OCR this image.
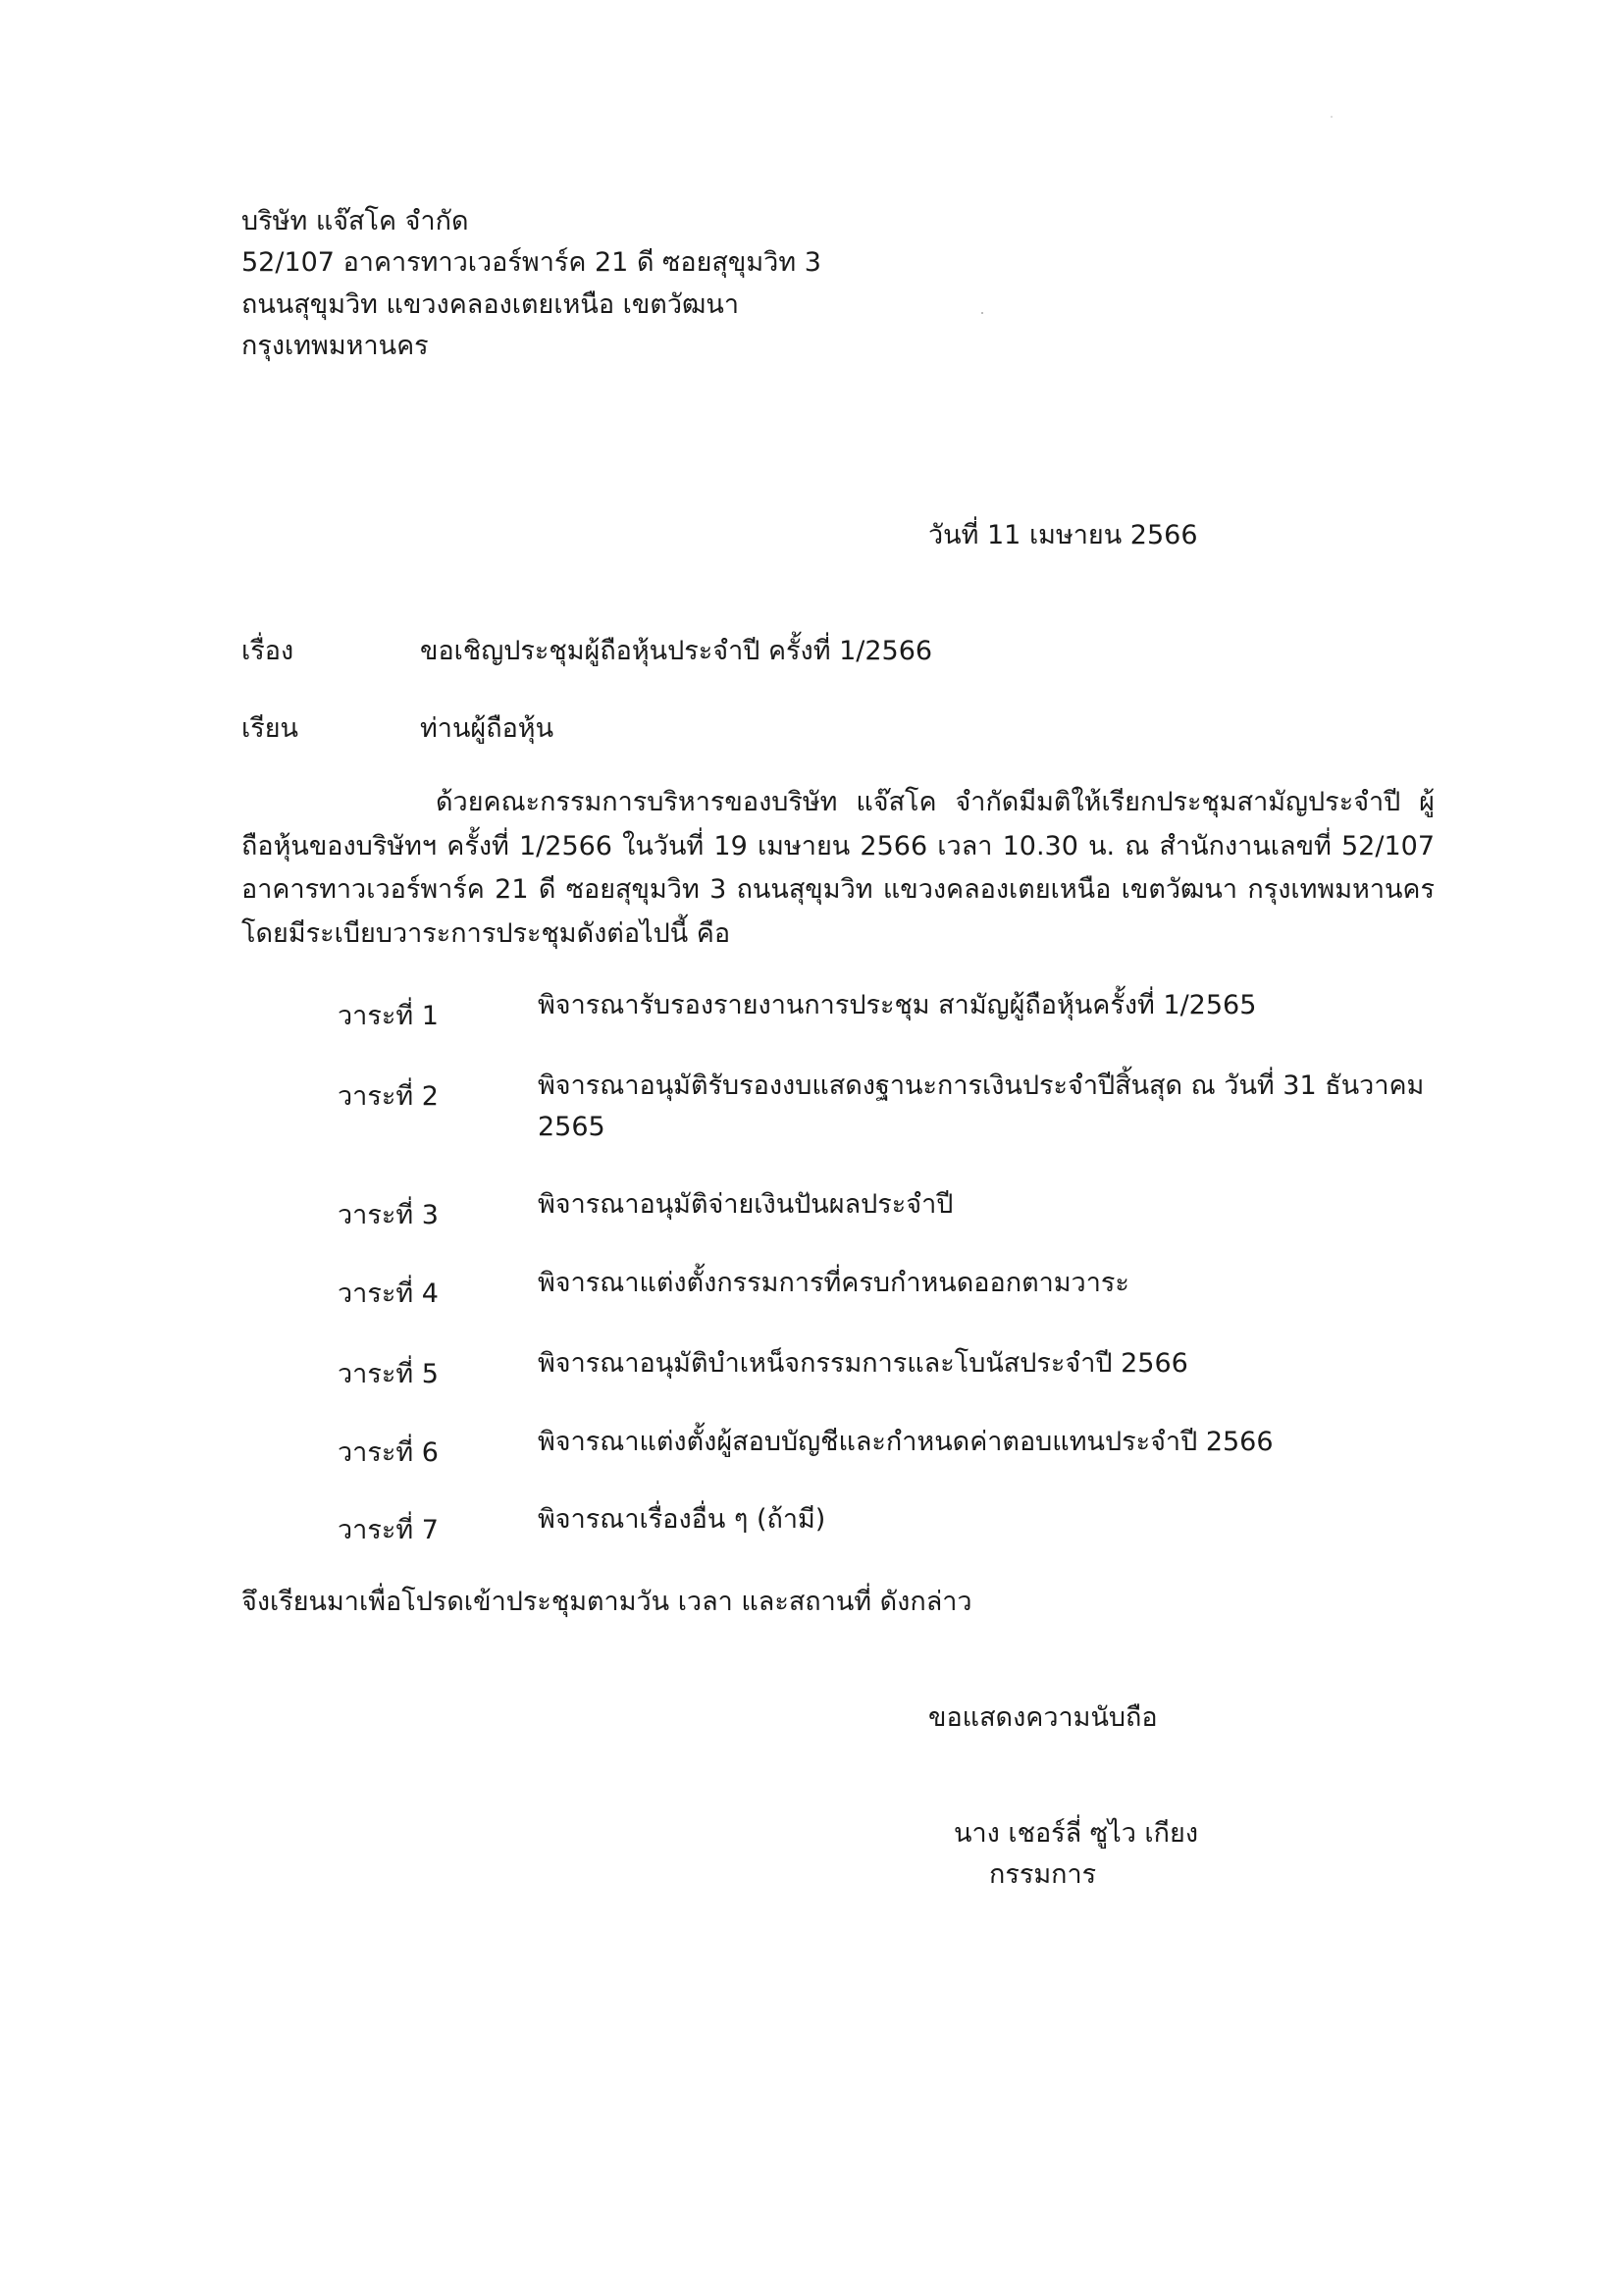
บริษัท แจ๊สโค จำกัด
52/107 อาคารทาวเวอร์พาร์ค 21 ดี ซอยสุขุมวิท 3
ถนนสุขุมวิท แขวงคลองเตยเหนือ เขตวัฒนา
กรุงเทพมหานคร
วันที่ 11 เมษายน 2566
เรื่อง	ขอเชิญประชุมผู้ถือหุ้นประจำปี ครั้งที่ 1/2566
เรียน	ท่านผู้ถือหุ้น
ด้วยคณะกรรมการบริหารของบริษัท แจ๊สโค จำกัดมีมติให้เรียกประชุมสามัญประจำปี ผู้ถือหุ้นของบริษัทฯ ครั้งที่ 1/2566 ในวันที่ 19 เมษายน 2566 เวลา 10.30 น. ณ สำนักงานเลขที่ 52/107 อาคารทาวเวอร์พาร์ค 21 ดี ซอยสุขุมวิท 3 ถนนสุขุมวิท แขวงคลองเตยเหนือ เขตวัฒนา กรุงเทพมหานคร โดยมีระเบียบวาระการประชุมดังต่อไปนี้ คือ
วาระที่ 1	พิจารณารับรองรายงานการประชุม สามัญผู้ถือหุ้นครั้งที่ 1/2565
วาระที่ 2	พิจารณาอนุมัติรับรองงบแสดงฐานะการเงินประจำปีสิ้นสุด ณ วันที่ 31 ธันวาคม 2565
วาระที่ 3	พิจารณาอนุมัติจ่ายเงินปันผลประจำปี
วาระที่ 4	พิจารณาแต่งตั้งกรรมการที่ครบกำหนดออกตามวาระ
วาระที่ 5	พิจารณาอนุมัติบำเหน็จกรรมการและโบนัสประจำปี 2566
วาระที่ 6	พิจารณาแต่งตั้งผู้สอบบัญชีและกำหนดค่าตอบแทนประจำปี 2566
วาระที่ 7	พิจารณาเรื่องอื่น ๆ (ถ้ามี)
จึงเรียนมาเพื่อโปรดเข้าประชุมตามวัน เวลา และสถานที่ ดังกล่าว
ขอแสดงความนับถือ
นาง เชอร์ลี่ ซูไว เกียง
กรรมการ
